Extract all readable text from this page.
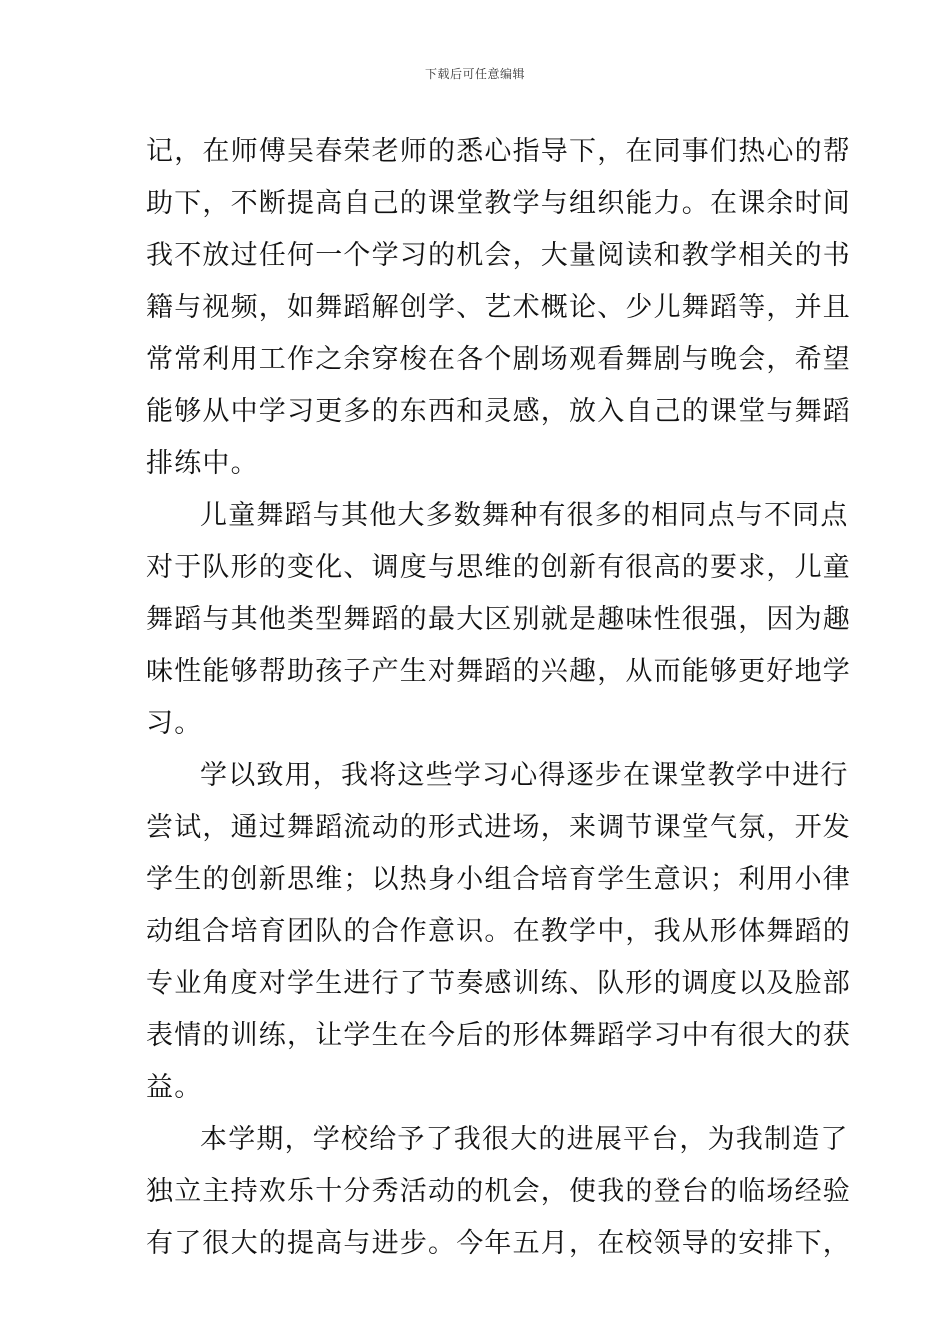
下载后可任意编辑
记，在师傅吴春荣老师的悉心指导下，在同事们热心的帮
助下，不断提高自己的课堂教学与组织能力。在课余时间
我不放过任何一个学习的机会，大量阅读和教学相关的书
籍与视频，如舞蹈解创学、艺术概论、少儿舞蹈等，并且
常常利用工作之余穿梭在各个剧场观看舞剧与晚会，希望
能够从中学习更多的东西和灵感，放入自己的课堂与舞蹈
排练中。
儿童舞蹈与其他大多数舞种有很多的相同点与不同点
对于队形的变化、调度与思维的创新有很高的要求，儿童
舞蹈与其他类型舞蹈的最大区别就是趣味性很强，因为趣
味性能够帮助孩子产生对舞蹈的兴趣，从而能够更好地学
习。
学以致用，我将这些学习心得逐步在课堂教学中进行
尝试，通过舞蹈流动的形式进场，来调节课堂气氛，开发
学生的创新思维；以热身小组合培育学生意识；利用小律
动组合培育团队的合作意识。在教学中，我从形体舞蹈的
专业角度对学生进行了节奏感训练、队形的调度以及脸部
表情的训练，让学生在今后的形体舞蹈学习中有很大的获
益。
本学期，学校给予了我很大的进展平台，为我制造了
独立主持欢乐十分秀活动的机会，使我的登台的临场经验
有了很大的提高与进步。今年五月，在校领导的安排下，
